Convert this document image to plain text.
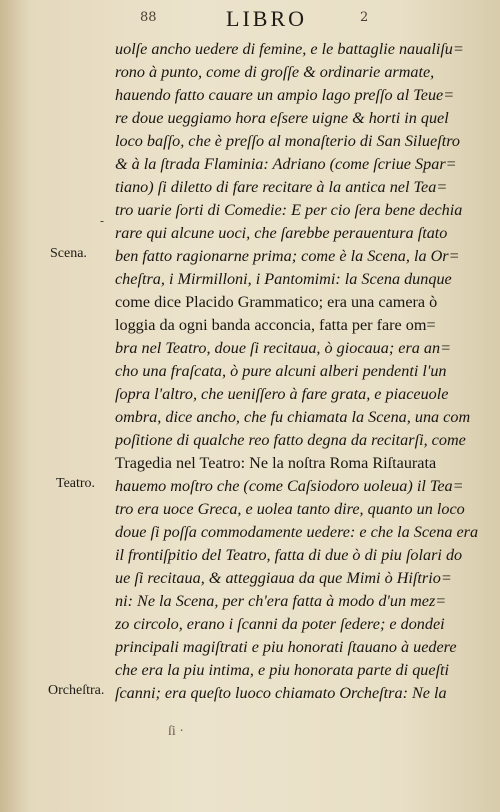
88	LIBRO	2
Scena.
Teatro.
Orcheſtra.
-
uolſe ancho uedere di femine, e le battaglie naualiſu=
rono à punto, come di groſſe & ordinarie armate,
hauendo fatto cauare un ampio lago preſſo al Teue=
re doue ueggiamo hora eſsere uigne & horti in quel
loco baſſo, che è preſſo al monaſterio di San Silueſtro
& à la ſtrada Flaminia: Adriano (come ſcriue Spar=
tiano) ſi diletto di fare recitare à la antica nel Tea=
tro uarie ſorti di Comedie: E per cio ſera bene dechia
rare qui alcune uoci, che ſarebbe perauentura ſtato
ben fatto ragionarne prima; come è la Scena, la Or=
cheſtra, i Mirmilloni, i Pantomimi: la Scena dunque
come dice Placido Grammatico; era una camera ò
loggia da ogni banda acconcia, fatta per fare om=
bra nel Teatro, doue ſi recitaua, ò giocaua; era an=
cho una fraſcata, ò pure alcuni alberi pendenti l'un
ſopra l'altro, che ueniſſero à fare grata, e piaceuole
ombra, dice ancho, che fu chiamata la Scena, una com
poſitione di qualche reo fatto degna da recitarſi, come
Tragedia nel Teatro: Ne la noſtra Roma Riſtaurata
hauemo moſtro che (come Caſsiodoro uoleua) il Tea=
tro era uoce Greca, e uolea tanto dire, quanto un loco
doue ſi poſſa commodamente uedere: e che la Scena era
il frontiſpitio del Teatro, fatta di due ò di piu ſolari do
ue ſi recitaua, & atteggiaua da que Mimi ò Hiſtrio=
ni: Ne la Scena, per ch'era fatta à modo d'un mez=
zo circolo, erano i ſcanni da poter ſedere; e dondei
principali magiſtrati e piu honorati ſtauano à uedere
che era la piu intima, e piu honorata parte di queſti
ſcanni; era queſto luoco chiamato Orcheſtra: Ne la
ſi ·
